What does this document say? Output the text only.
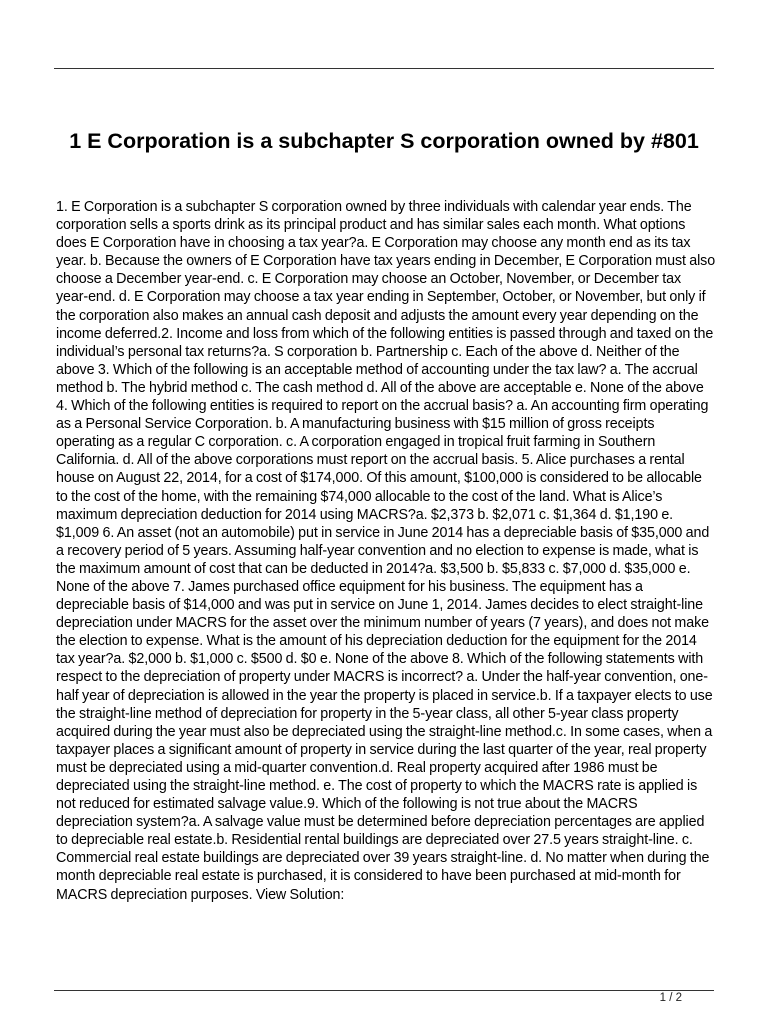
1 E Corporation is a subchapter S corporation owned by #801

1. E Corporation is a subchapter S corporation owned by three individuals with calendar year ends. The corporation sells a sports drink as its principal product and has similar sales each month. What options does E Corporation have in choosing a tax year?a. E Corporation may choose any month end as its tax year. b. Because the owners of E Corporation have tax years ending in December, E Corporation must also choose a December year-end. c. E Corporation may choose an October, November, or December tax year-end. d. E Corporation may choose a tax year ending in September, October, or November, but only if the corporation also makes an annual cash deposit and adjusts the amount every year depending on the income deferred.2. Income and loss from which of the following entities is passed through and taxed on the individual’s personal tax returns?a. S corporation b. Partnership c. Each of the above d. Neither of the above 3. Which of the following is an acceptable method of accounting under the tax law? a. The accrual method b. The hybrid method c. The cash method d. All of the above are acceptable e. None of the above 4. Which of the following entities is required to report on the accrual basis? a. An accounting firm operating as a Personal Service Corporation. b. A manufacturing business with $15 million of gross receipts operating as a regular C corporation. c. A corporation engaged in tropical fruit farming in Southern California. d. All of the above corporations must report on the accrual basis. 5. Alice purchases a rental house on August 22, 2014, for a cost of $174,000. Of this amount, $100,000 is considered to be allocable to the cost of the home, with the remaining $74,000 allocable to the cost of the land. What is Alice’s maximum depreciation deduction for 2014 using MACRS?a. $2,373 b. $2,071 c. $1,364 d. $1,190 e. $1,009 6. An asset (not an automobile) put in service in June 2014 has a depreciable basis of $35,000 and a recovery period of 5 years. Assuming half-year convention and no election to expense is made, what is the maximum amount of cost that can be deducted in 2014?a. $3,500 b. $5,833 c. $7,000 d. $35,000 e. None of the above 7. James purchased office equipment for his business. The equipment has a depreciable basis of $14,000 and was put in service on June 1, 2014. James decides to elect straight-line depreciation under MACRS for the asset over the minimum number of years (7 years), and does not make the election to expense. What is the amount of his depreciation deduction for the equipment for the 2014 tax year?a. $2,000 b. $1,000 c. $500 d. $0 e. None of the above 8. Which of the following statements with respect to the depreciation of property under MACRS is incorrect? a. Under the half-year convention, one-half year of depreciation is allowed in the year the property is placed in service.b. If a taxpayer elects to use the straight-line method of depreciation for property in the 5-year class, all other 5-year class property acquired during the year must also be depreciated using the straight-line method.c. In some cases, when a taxpayer places a significant amount of property in service during the last quarter of the year, real property must be depreciated using a mid-quarter convention.d. Real property acquired after 1986 must be depreciated using the straight-line method. e. The cost of property to which the MACRS rate is applied is not reduced for estimated salvage value.9. Which of the following is not true about the MACRS depreciation system?a. A salvage value must be determined before depreciation percentages are applied to depreciable real estate.b. Residential rental buildings are depreciated over 27.5 years straight-line. c. Commercial real estate buildings are depreciated over 39 years straight-line. d. No matter when during the month depreciable real estate is purchased, it is considered to have been purchased at mid-month for MACRS depreciation purposes. View Solution:

1 / 2
